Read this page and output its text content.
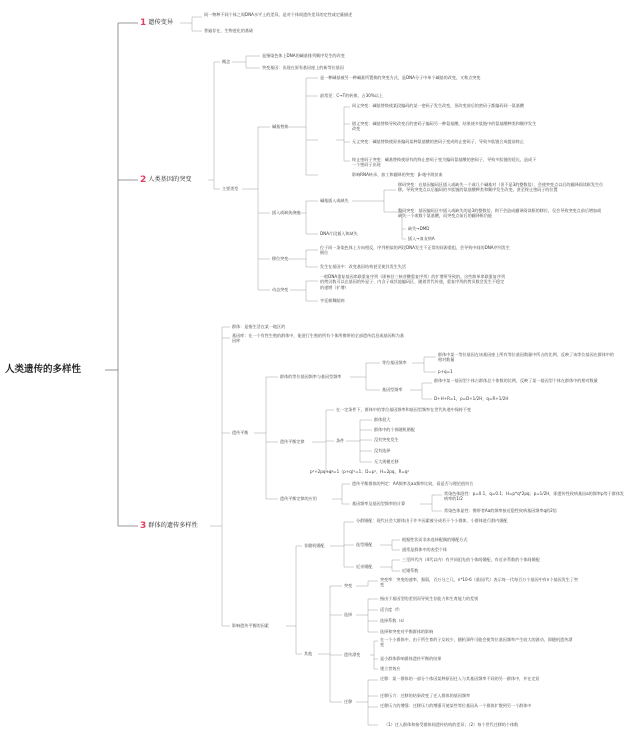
人类遗传的多样性
1 遗传变异
2 人类基因的突变
3 群体的遗传多样性
同一物种不同个体之间DNA水平上的差异，是对个体间遗传差异的定性或定量描述
普遍存在，生物进化的基础
概念
是指染色体上DNA的碱基排列顺序发生的改变
突变基因：出现在原有基因座上的新等位基因
主要类型
碱基替换
是一种碱基被另一种碱基所置换的突变方式，是DNA分子中单个碱基的改变，又称点突变
最常见：C→T的转换，占30%以上
同义突变：碱基替换使某段编码的某一密码子发生改变，但改变前后的密码子都编码同一氨基酸
错义突变：碱基替换导致改变后的密码子编码另一种氨基酸，结果使多肽链中的氨基酸种类和顺序发生改变
无义突变：碱基替换使原来编码某种氨基酸的密码子变成终止密码子，导致多肽链合成提前终止
终止密码子突变：碱基替换使原有的终止密码子变为编码氨基酸的密码子，导致多肽链的延长，造成下一个密码子出现
影响RNA转录、加工和翻译的突变：β-地中海贫血
插入或缺失突变
碱基插入或缺失
移码突变：在基因编码区插入或缺失一个或几个碱基对（但不是3的整数倍），会使突变点以后的翻译阅读框发生位移，导致突变点以后编码的多肽链的氨基酸种类和顺序发生改变，甚至终止密码子的位置
整码突变：基因编码区中插入或缺失的是3的整数倍，则不会造成翻译阅读框的移位，仅会导致突变点前后增加或缺失一个或数个氨基酸，而突变点前后的翻译框仍能
缺失→DMD
DNA片段插入和缺失
插入→血友病A
移位突变
位于同一条染色体上方向相反，序列相似的两段DNA发生不正常的同源重组，会导致中间的DNA序列发生倒位
发生在基因中：改变基因结构甚至使其发生失活
动态突变
一般DNA重复基因串联重复序列（即核苷三核苷酸重复序列）的扩增所导致的。这些简单串联重复序列的拷贝数可以在基因的外显子、内含子或其他编码区、随着世代传递，重复序列的拷贝数会发生不稳定的递增（扩增）
亨廷顿舞蹈病
群体：是指生活在某一地区的
基因库：在一个有性生殖的群体中，能进行生殖的所有个体所携带的全部遗传信息或基因称为基因库
群体的等位基因频率与基因型频率
等位基因频率
群体中某一等位基因在该基因座上所有等位基因数量中所占的比例，反映了该等位基因在群体中的相对数量
p+q=1
基因型频率
群体中某一基因型个体占群体总个体数的比例，反映了某一基因型个体在群体中的相对数量
D+H+R=1，p=D+1/2H，q=R+1/2H
遗传平衡
遗传平衡定律
在一定条件下，群体中的等位基因频率和基因型频率在世代传递中保持不变
条件
群体很大
群体中的个体随机婚配
没有突变发生
没有选择
无大规模迁移
p²+2pq+q²=1（p+q)²=1；D=p²，H=2pq，R=q²
遗传平衡定律的应用
遗传平衡群体的判定：AA频率及aa频率比较，看是否与理论值符合
基因频率及基因型频率的计算
常染色体隐性：p=0.1，q=0.1；H=p*q*2pq；p=1/2H，即遗传性致病基因a的频率p等于群体发病率的1/2
常染色体显性：携带者Aa的频率接近隐性致病基因频率q的2倍
影响遗传平衡的因素
非随机婚配
分群婚配：现代社会大群体由于许多因素被分成若干个小群体，小群体进行群内婚配
选型婚配
根据性状而非来选择配偶的婚配方式
通常是群体中的表型个体
近亲婚配
三至四代内（4代以内）有共同祖先的个体间婚配，有近亲系数的个体间婚配
近婚系数
其他
突变
突变率：突变的速率，强弱，百万分之几，n*10-6（基因/代）表示每一代每百万个基因中有n个基因发生了突变
选择
指由于基因型的差别而导致生存能力和生育能力的差别
适合度（f）
选择系数（s）
选择和突变对平衡群体的影响
遗传漂变
在一个小群体中，由于所生育的子女较少，随机事件可能会使等位基因频率产生较大的波动，即随机遗传漂变
是小群体影响群体遗传平衡的结果
建立者效应
迁移
迁移：某一群体的一部分个体因某种原因迁入与其基因频率不同的另一群体中，并在定居
迁移压力：迁移的结果改变了迁入群体的基因频率
迁移压力的增强：迁移压力的增强可使某些等位基因从一个群体扩散到另一个群体中
（1）迁入群体和接受群体间遗传结构的差异；（2）每个世代迁移的个体数
